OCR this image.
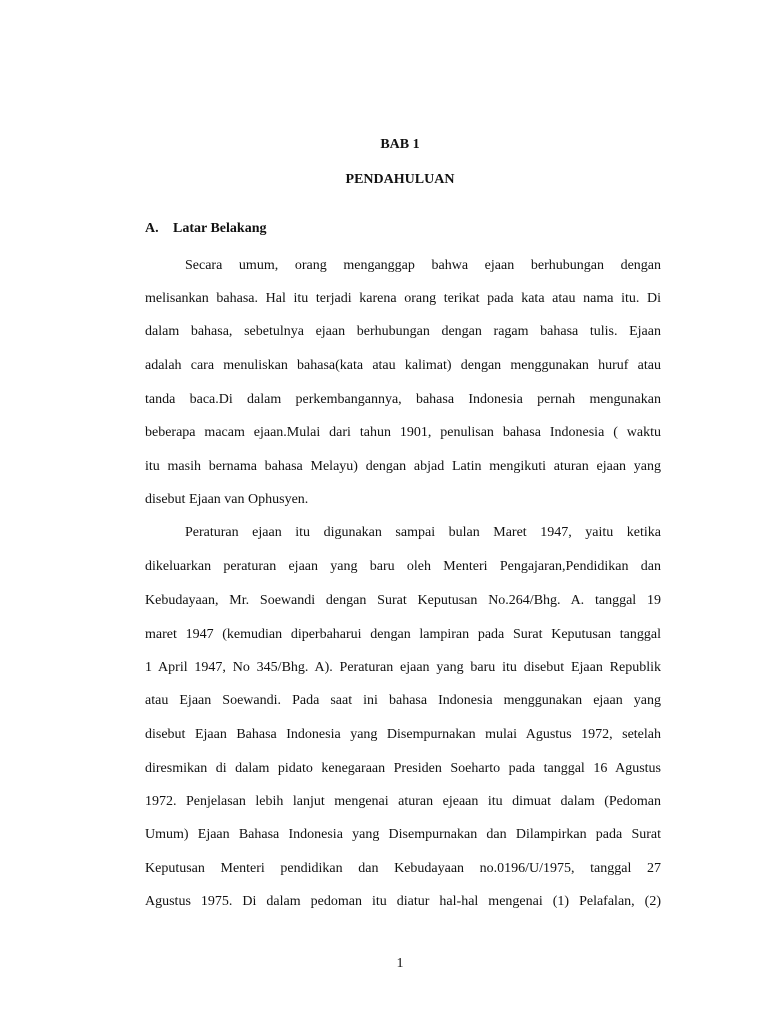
BAB 1
PENDAHULUAN
A. Latar Belakang
Secara umum, orang menganggap bahwa ejaan berhubungan dengan
melisankan bahasa. Hal itu terjadi karena orang terikat pada kata atau nama itu. Di
dalam bahasa, sebetulnya ejaan berhubungan dengan ragam bahasa tulis. Ejaan
adalah cara menuliskan bahasa(kata atau kalimat) dengan menggunakan huruf atau
tanda baca.Di dalam perkembangannya, bahasa Indonesia pernah mengunakan
beberapa macam ejaan.Mulai dari tahun 1901, penulisan bahasa Indonesia ( waktu
itu masih bernama bahasa Melayu) dengan abjad Latin mengikuti aturan ejaan yang
disebut Ejaan van Ophusyen.
Peraturan ejaan itu digunakan sampai bulan Maret 1947, yaitu ketika
dikeluarkan peraturan ejaan yang baru oleh Menteri Pengajaran,Pendidikan dan
Kebudayaan, Mr. Soewandi dengan Surat Keputusan No.264/Bhg. A. tanggal 19
maret 1947 (kemudian diperbaharui dengan lampiran pada Surat Keputusan tanggal
1 April 1947, No 345/Bhg. A). Peraturan ejaan yang baru itu disebut Ejaan Republik
atau Ejaan Soewandi. Pada saat ini bahasa Indonesia menggunakan ejaan yang
disebut Ejaan Bahasa Indonesia yang Disempurnakan mulai Agustus 1972, setelah
diresmikan di dalam pidato kenegaraan Presiden Soeharto pada tanggal 16 Agustus
1972. Penjelasan lebih lanjut mengenai aturan ejeaan itu dimuat dalam (Pedoman
Umum) Ejaan Bahasa Indonesia yang Disempurnakan dan Dilampirkan pada Surat
Keputusan Menteri pendidikan dan Kebudayaan no.0196/U/1975, tanggal 27
Agustus 1975. Di dalam pedoman itu diatur hal-hal mengenai (1) Pelafalan, (2)
1
